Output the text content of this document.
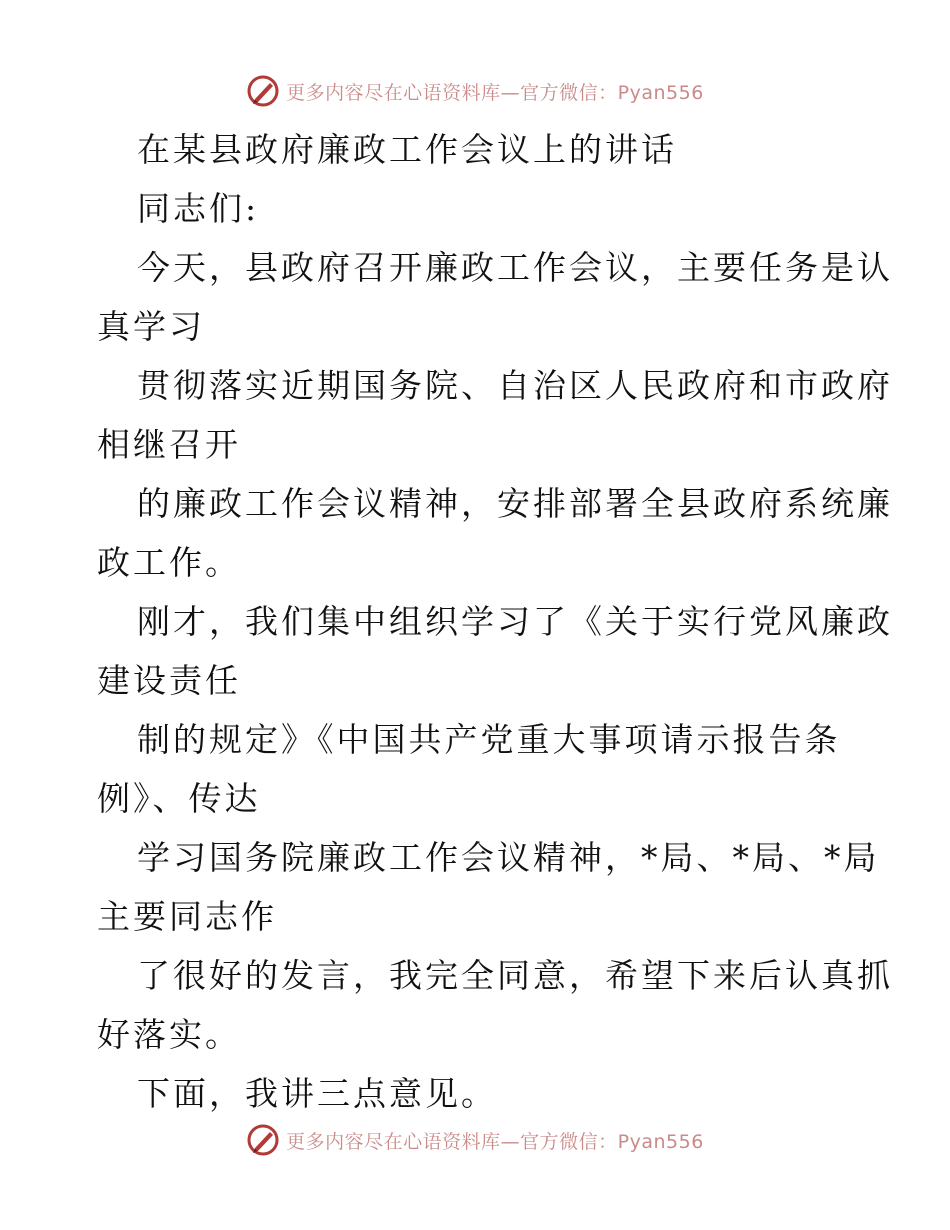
更多内容尽在心语资料库—官方微信：Pyan556
在某县政府廉政工作会议上的讲话
同志们:
今天，县政府召开廉政工作会议，主要任务是认
真学习
贯彻落实近期国务院、自治区人民政府和市政府
相继召开
的廉政工作会议精神，安排部署全县政府系统廉
政工作。
刚才，我们集中组织学习了《关于实行党风廉政
建设责任
制的规定》《中国共产党重大事项请示报告条
例》、传达
学习国务院廉政工作会议精神，*局、*局、*局
主要同志作
了很好的发言，我完全同意，希望下来后认真抓
好落实。
下面，我讲三点意见。
更多内容尽在心语资料库—官方微信：Pyan556
